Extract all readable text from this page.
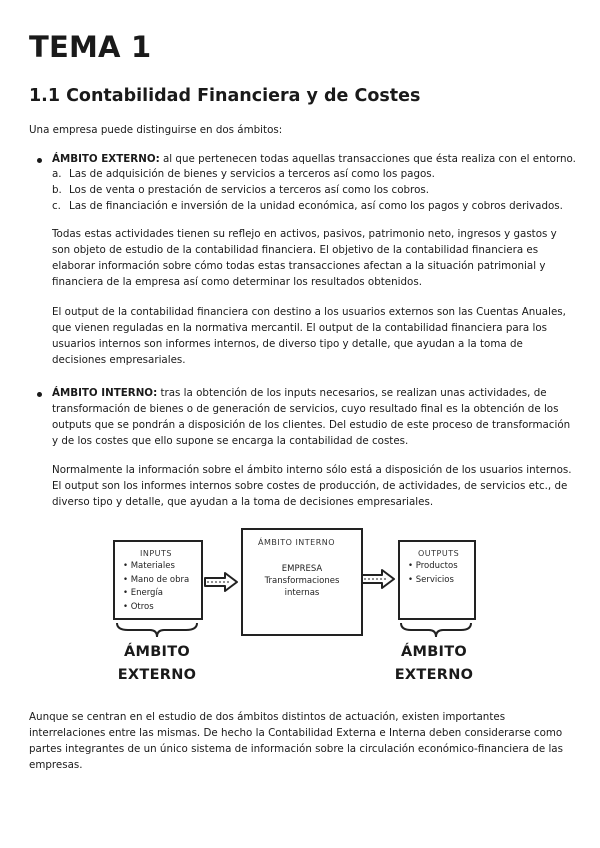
TEMA 1
1.1 Contabilidad Financiera y de Costes

Una empresa puede distinguirse en dos ámbitos:

ÁMBITO EXTERNO: al que pertenecen todas aquellas transacciones que ésta realiza con el entorno.

a. Las de adquisición de bienes y servicios a terceros así como los pagos.
b. Los de venta o prestación de servicios a terceros así como los cobros.
c. Las de financiación e inversión de la unidad económica, así como los pagos y cobros derivados.

Todas estas actividades tienen su reflejo en activos, pasivos, patrimonio neto, ingresos y gastos y son objeto de estudio de la contabilidad financiera. El objetivo de la contabilidad financiera es elaborar información sobre cómo todas estas transacciones afectan a la situación patrimonial y financiera de la empresa así como determinar los resultados obtenidos.

El output de la contabilidad financiera con destino a los usuarios externos son las Cuentas Anuales, que vienen reguladas en la normativa mercantil. El output de la contabilidad financiera para los usuarios internos son informes internos, de diverso tipo y detalle, que ayudan a la toma de decisiones empresariales.

ÁMBITO INTERNO: tras la obtención de los inputs necesarios, se realizan unas actividades, de transformación de bienes o de generación de servicios, cuyo resultado final es la obtención de los outputs que se pondrán a disposición de los clientes. Del estudio de este proceso de transformación y de los costes que ello supone se encarga la contabilidad de costes.

Normalmente la información sobre el ámbito interno sólo está a disposición de los usuarios internos. El output son los informes internos sobre costes de producción, de actividades, de servicios etc., de diverso tipo y detalle, que ayudan a la toma de decisiones empresariales.

INPUTS
• Materiales
• Mano de obra
• Energía
• Otros
ÁMBITO INTERNO
EMPRESA
Transformaciones
internas
OUTPUTS
• Productos
• Servicios
ÁMBITO
EXTERNO
ÁMBITO
EXTERNO

Aunque se centran en el estudio de dos ámbitos distintos de actuación, existen importantes interrelaciones entre las mismas. De hecho la Contabilidad Externa e Interna deben considerarse como partes integrantes de un único sistema de información sobre la circulación económico-financiera de las empresas.
